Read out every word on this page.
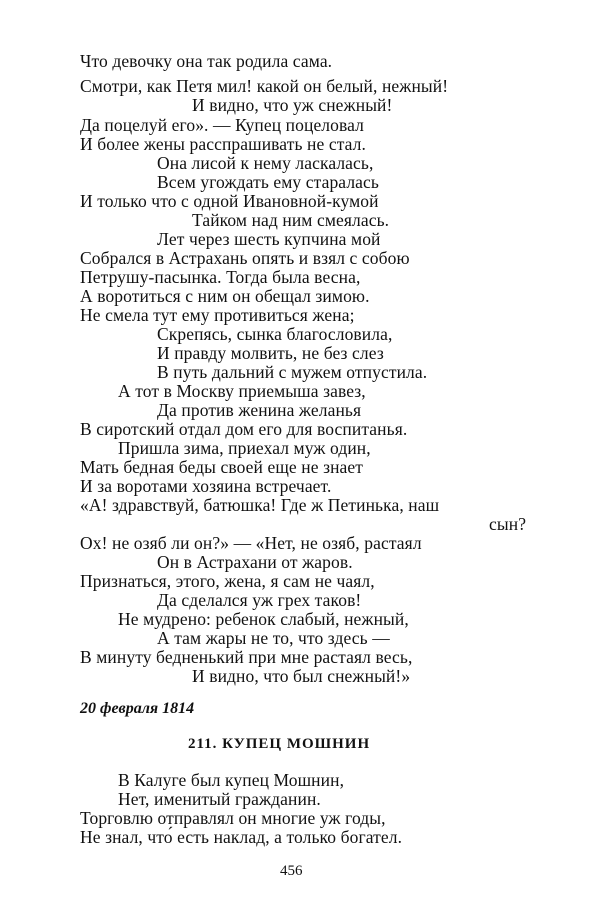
Что девочку она так родила сама.
Смотри, как Петя мил! какой он белый, нежный!
И видно, что уж снежный!
Да поцелуй его». — Купец поцеловал
И более жены расспрашивать не стал.
Она лисой к нему ласкалась,
Всем угождать ему старалась
И только что с одной Ивановной-кумой
Тайком над ним смеялась.
Лет через шесть купчина мой
Собрался в Астрахань опять и взял с собою
Петрушу-пасынка. Тогда была весна,
А воротиться с ним он обещал зимою.
Не смела тут ему противиться жена;
Скрепясь, сынка благословила,
И правду молвить, не без слез
В путь дальний с мужем отпустила.
А тот в Москву приемыша завез,
Да против женина желанья
В сиротский отдал дом его для воспитанья.
Пришла зима, приехал муж один,
Мать бедная беды своей еще не знает
И за воротами хозяина встречает.
«А! здравствуй, батюшка! Где ж Петинька, наш
сын?
Ох! не озяб ли он?» — «Нет, не озяб, растаял
Он в Астрахани от жаров.
Признаться, этого, жена, я сам не чаял,
Да сделался уж грех таков!
Не мудрено: ребенок слабый, нежный,
А там жары не то, что здесь —
В минуту бедненький при мне растаял весь,
И видно, что был снежный!»
20 февраля 1814
211. КУПЕЦ МОШНИН
В Калуге был купец Мошнин,
Нет, именитый гражданин.
Торговлю отправлял он многие уж годы,
Не знал, что́ есть наклад, а только богател.
456
